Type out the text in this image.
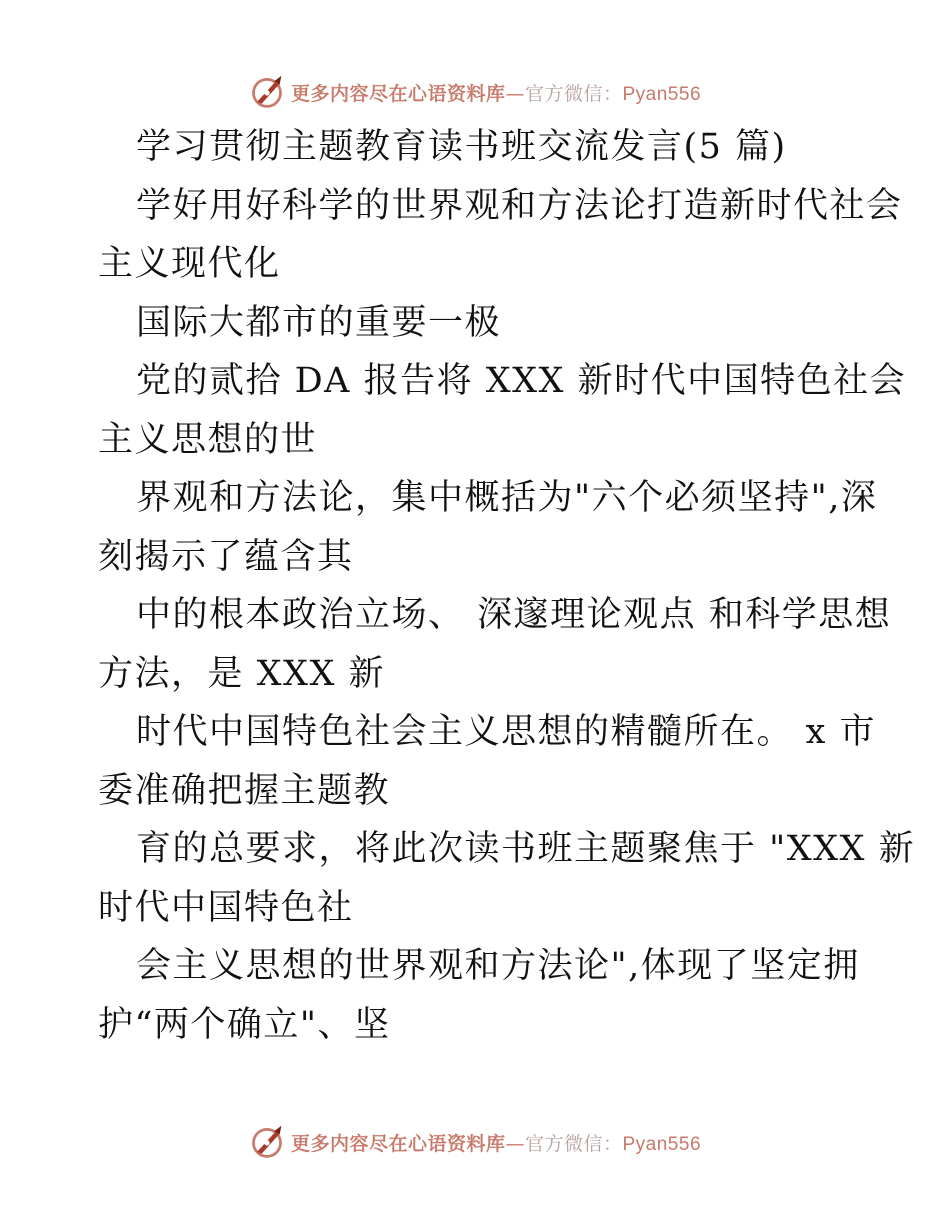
更多内容尽在心语资料库—官方微信：Pyan556
学习贯彻主题教育读书班交流发言(5 篇)
学好用好科学的世界观和方法论打造新时代社会
主义现代化
国际大都市的重要一极
党的贰拾 DA 报告将 XXX 新时代中国特色社会
主义思想的世
界观和方法论，集中概括为"六个必须坚持",深
刻揭示了蕴含其
中的根本政治立场、 深邃理论观点 和科学思想
方法，是 XXX 新
时代中国特色社会主义思想的精髓所在。 x 市
委准确把握主题教
育的总要求，将此次读书班主题聚焦于 "XXX 新
时代中国特色社
会主义思想的世界观和方法论",体现了坚定拥
护“两个确立"、坚
更多内容尽在心语资料库—官方微信：Pyan556
